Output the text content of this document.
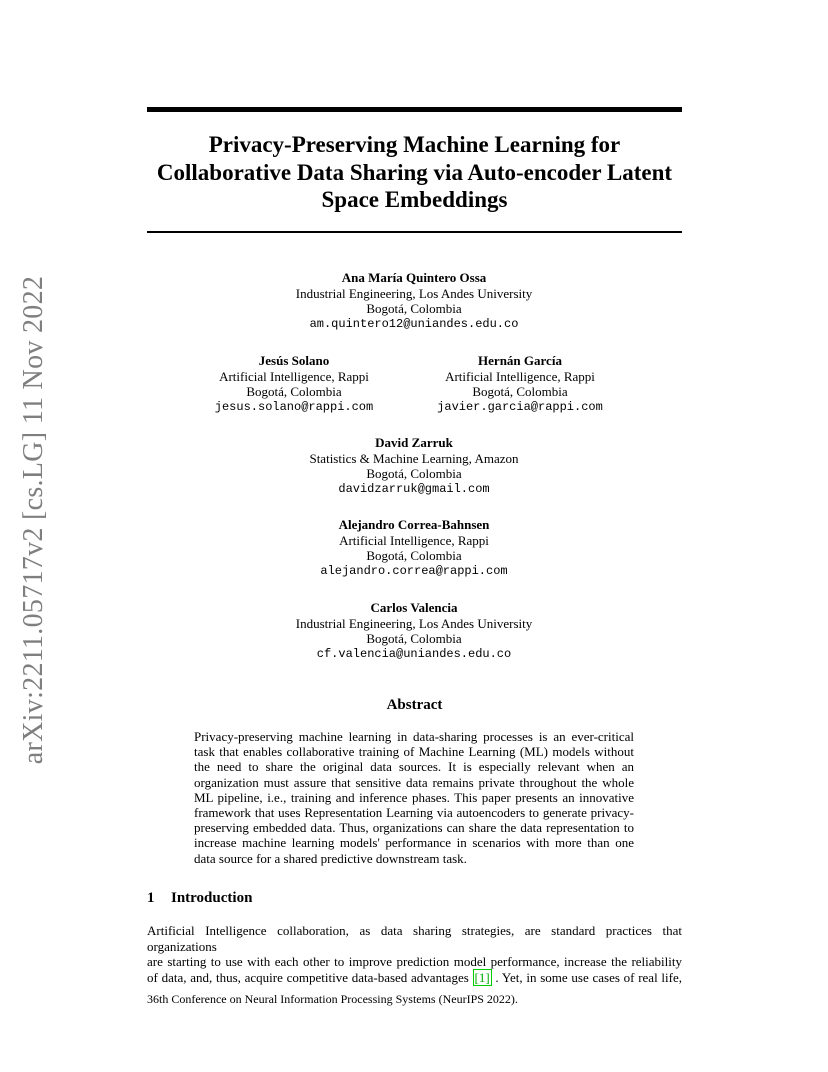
arXiv:2211.05717v2 [cs.LG] 11 Nov 2022
Privacy-Preserving Machine Learning for
Collaborative Data Sharing via Auto-encoder Latent
Space Embeddings
Ana María Quintero Ossa
Industrial Engineering, Los Andes University
Bogotá, Colombia
am.quintero12@uniandes.edu.co
Jesús Solano
Artificial Intelligence, Rappi
Bogotá, Colombia
jesus.solano@rappi.com
Hernán García
Artificial Intelligence, Rappi
Bogotá, Colombia
javier.garcia@rappi.com
David Zarruk
Statistics & Machine Learning, Amazon
Bogotá, Colombia
davidzarruk@gmail.com
Alejandro Correa-Bahnsen
Artificial Intelligence, Rappi
Bogotá, Colombia
alejandro.correa@rappi.com
Carlos Valencia
Industrial Engineering, Los Andes University
Bogotá, Colombia
cf.valencia@uniandes.edu.co
Abstract

Privacy-preserving machine learning in data-sharing processes is an ever-critical
task that enables collaborative training of Machine Learning (ML) models without
the need to share the original data sources. It is especially relevant when an
organization must assure that sensitive data remains private throughout the whole
ML pipeline, i.e., training and inference phases. This paper presents an innovative
framework that uses Representation Learning via autoencoders to generate privacy-
preserving embedded data. Thus, organizations can share the data representation to
increase machine learning models' performance in scenarios with more than one
data source for a shared predictive downstream task.

1 Introduction

Artificial Intelligence collaboration, as data sharing strategies, are standard practices that organizations
are starting to use with each other to improve prediction model performance, increase the reliability
of data, and, thus, acquire competitive data-based advantages [1] . Yet, in some use cases of real life,

36th Conference on Neural Information Processing Systems (NeurIPS 2022).
